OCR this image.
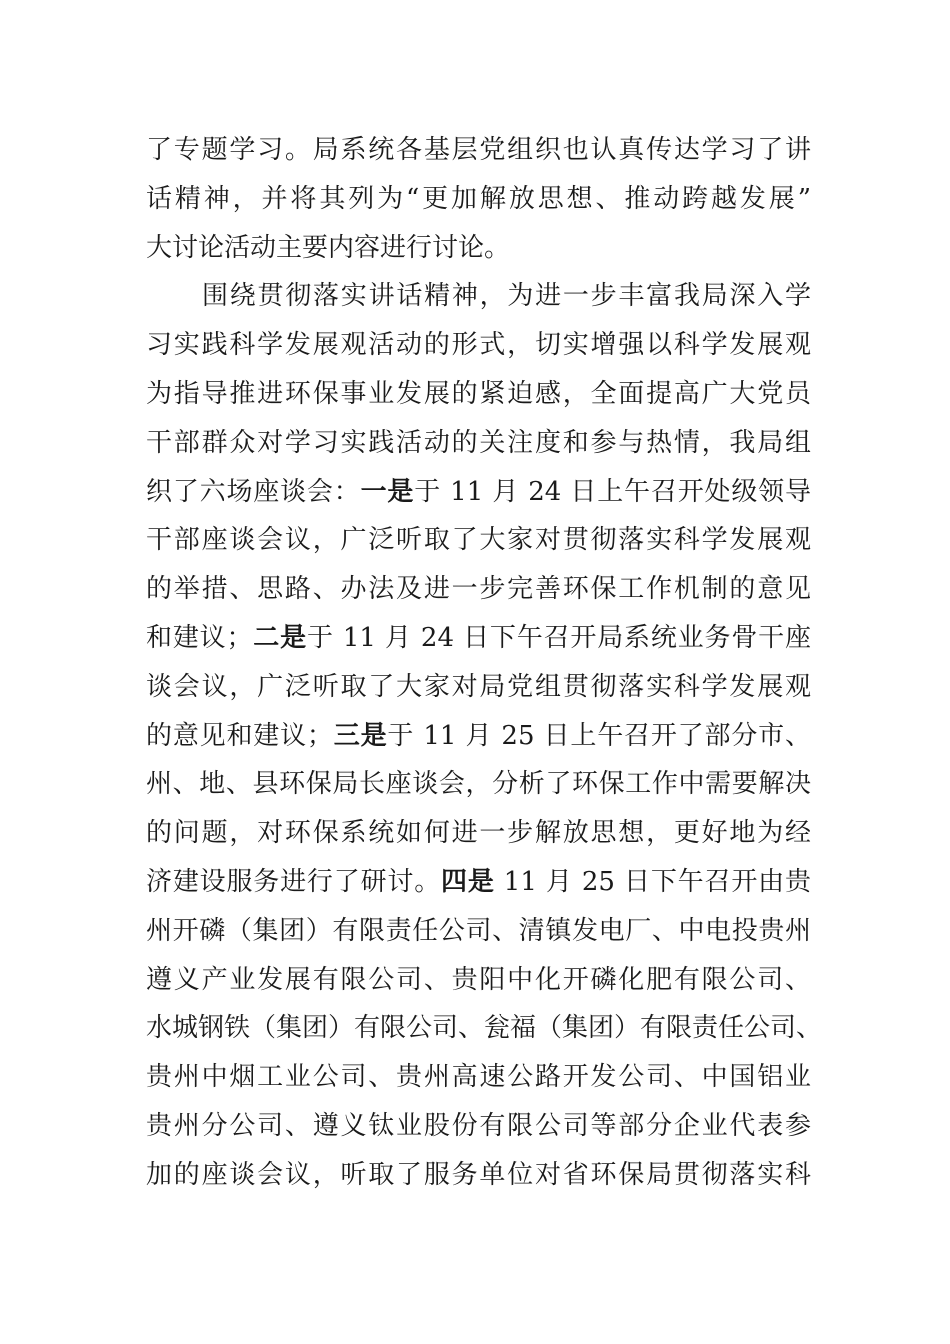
了专题学习。局系统各基层党组织也认真传达学习了讲
话精神，并将其列为“更加解放思想、推动跨越发展”
大讨论活动主要内容进行讨论。
围绕贯彻落实讲话精神，为进一步丰富我局深入学
习实践科学发展观活动的形式，切实增强以科学发展观
为指导推进环保事业发展的紧迫感，全面提高广大党员
干部群众对学习实践活动的关注度和参与热情，我局组
织了六场座谈会：一是于 11 月 24 日上午召开处级领导
干部座谈会议，广泛听取了大家对贯彻落实科学发展观
的举措、思路、办法及进一步完善环保工作机制的意见
和建议；二是于 11 月 24 日下午召开局系统业务骨干座
谈会议，广泛听取了大家对局党组贯彻落实科学发展观
的意见和建议；三是于 11 月 25 日上午召开了部分市、
州、地、县环保局长座谈会，分析了环保工作中需要解决
的问题，对环保系统如何进一步解放思想，更好地为经
济建设服务进行了研讨。四是 11 月 25 日下午召开由贵
州开磷（集团）有限责任公司、清镇发电厂、中电投贵州
遵义产业发展有限公司、贵阳中化开磷化肥有限公司、
水城钢铁（集团）有限公司、瓮福（集团）有限责任公司、
贵州中烟工业公司、贵州高速公路开发公司、中国铝业
贵州分公司、遵义钛业股份有限公司等部分企业代表参
加的座谈会议，听取了服务单位对省环保局贯彻落实科
